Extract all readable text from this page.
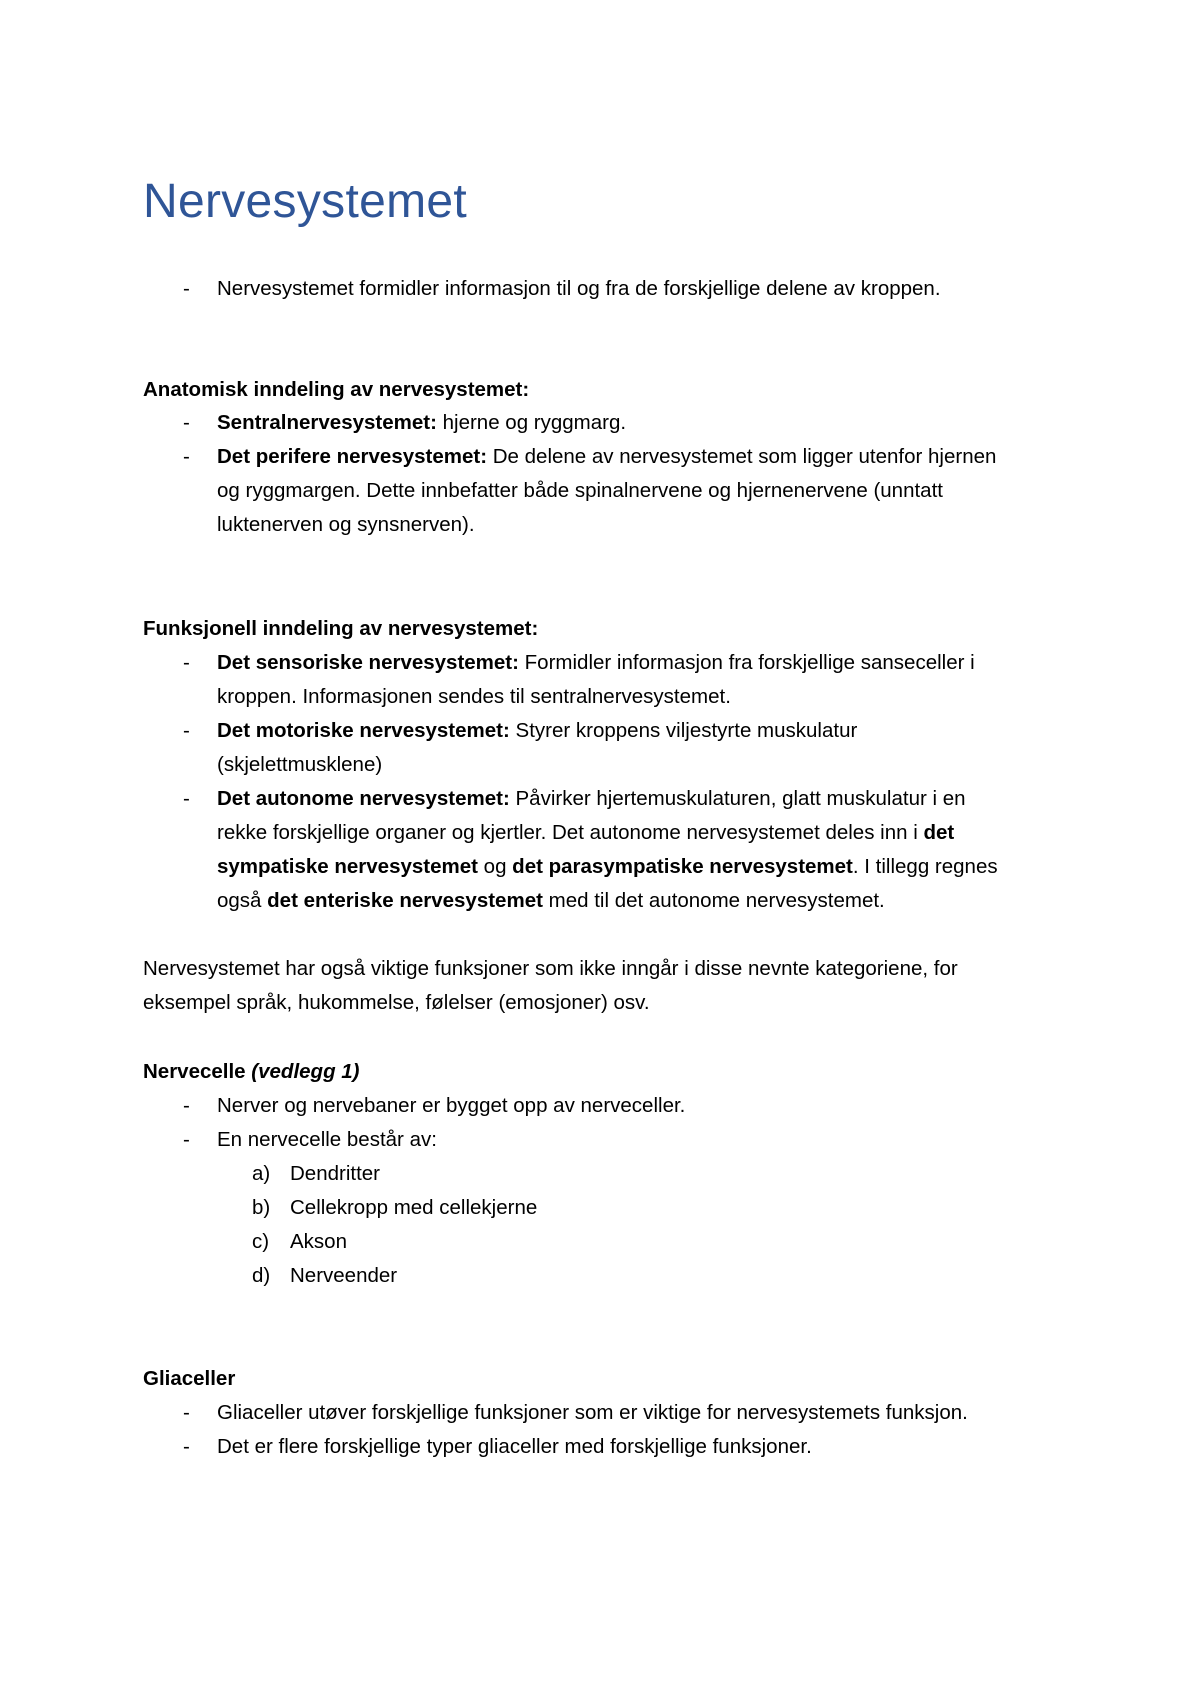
Nervesystemet

- Nervesystemet formidler informasjon til og fra de forskjellige delene av kroppen.

Anatomisk inndeling av nervesystemet:

- Sentralnervesystemet: hjerne og ryggmarg.

- Det perifere nervesystemet: De delene av nervesystemet som ligger utenfor hjernen

og ryggmargen. Dette innbefatter både spinalnervene og hjernenervene (unntatt

luktenerven og synsnerven).

Funksjonell inndeling av nervesystemet:

- Det sensoriske nervesystemet: Formidler informasjon fra forskjellige sanseceller i

kroppen. Informasjonen sendes til sentralnervesystemet.

- Det motoriske nervesystemet: Styrer kroppens viljestyrte muskulatur

(skjelettmusklene)

- Det autonome nervesystemet: Påvirker hjertemuskulaturen, glatt muskulatur i en

rekke forskjellige organer og kjertler. Det autonome nervesystemet deles inn i det

sympatiske nervesystemet og det parasympatiske nervesystemet. I tillegg regnes

også det enteriske nervesystemet med til det autonome nervesystemet.

Nervesystemet har også viktige funksjoner som ikke inngår i disse nevnte kategoriene, for

eksempel språk, hukommelse, følelser (emosjoner) osv.

Nervecelle (vedlegg 1)

- Nerver og nervebaner er bygget opp av nerveceller.

- En nervecelle består av:

a) Dendritter

b) Cellekropp med cellekjerne

c) Akson

d) Nerveender

Gliaceller

- Gliaceller utøver forskjellige funksjoner som er viktige for nervesystemets funksjon.

- Det er flere forskjellige typer gliaceller med forskjellige funksjoner.
